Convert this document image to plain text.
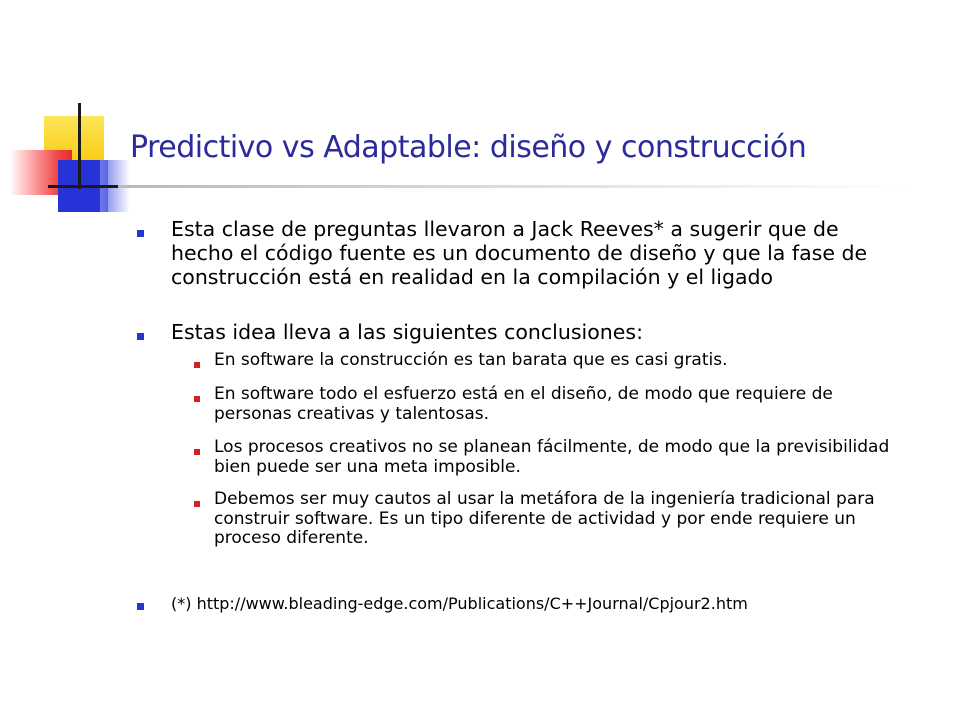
Predictivo vs Adaptable: diseño y construcción
Esta clase de preguntas llevaron a Jack Reeves* a sugerir que de hecho el código fuente es un documento de diseño y que la fase de construcción está en realidad en la compilación y el ligado
Estas idea lleva a las siguientes conclusiones:
En software la construcción es tan barata que es casi gratis.
En software todo el esfuerzo está en el diseño, de modo que requiere de personas creativas y talentosas.
Los procesos creativos no se planean fácilmente, de modo que la previsibilidad bien puede ser una meta imposible.
Debemos ser muy cautos al usar la metáfora de la ingeniería tradicional para construir software. Es un tipo diferente de actividad y por ende requiere un proceso diferente.
(*) http://www.bleading-edge.com/Publications/C++Journal/Cpjour2.htm
